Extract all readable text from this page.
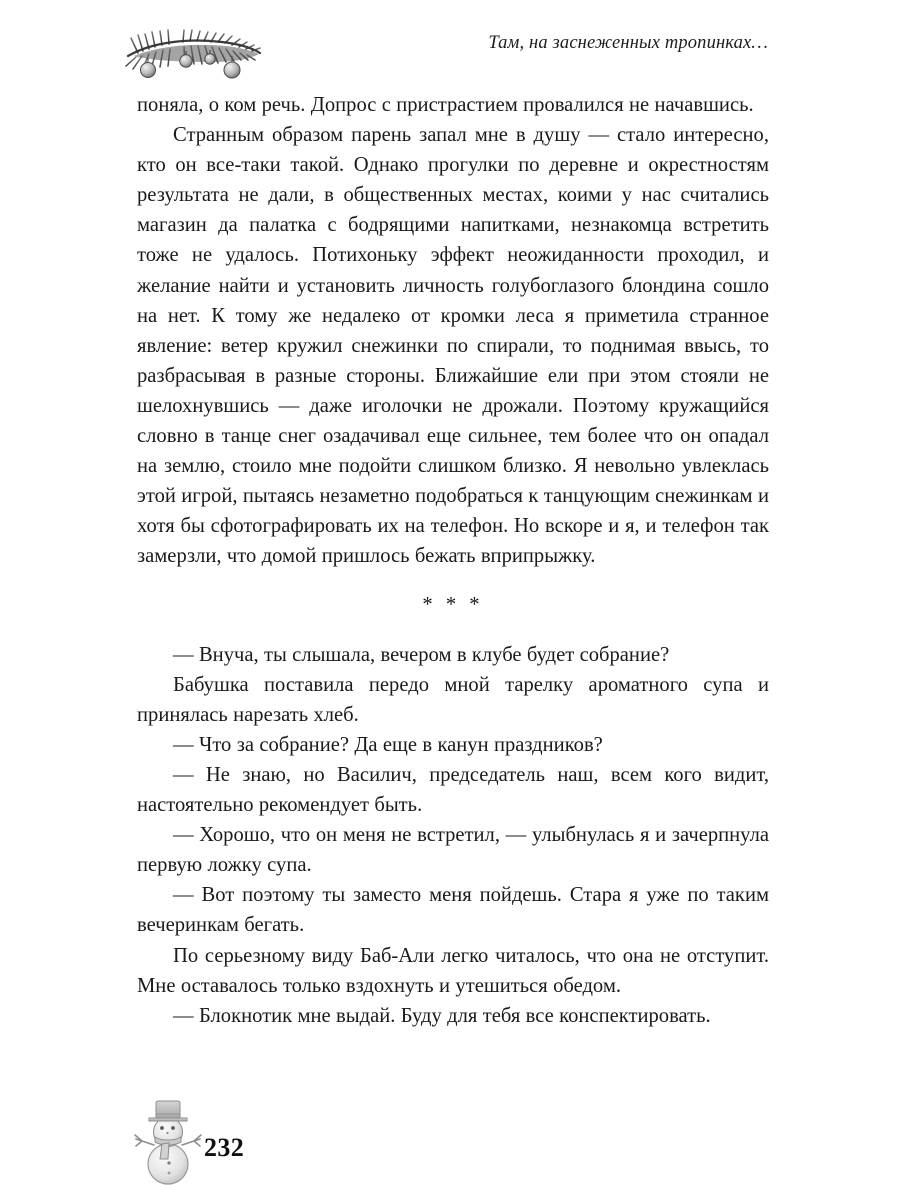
Там, на заснеженных тропинках…

поняла, о ком речь. Допрос с пристрастием провалился не начавшись.

Странным образом парень запал мне в душу — стало интересно, кто он все-таки такой. Однако прогулки по деревне и окрестностям результата не дали, в общественных местах, коими у нас считались магазин да палатка с бодрящими напитками, незнакомца встретить тоже не удалось. Потихоньку эффект неожиданности проходил, и желание найти и установить личность голубоглазого блондина сошло на нет. К тому же недалеко от кромки леса я приметила странное явление: ветер кружил снежинки по спирали, то поднимая ввысь, то разбрасывая в разные стороны. Ближайшие ели при этом стояли не шелохнувшись — даже иголочки не дрожали. Поэтому кружащийся словно в танце снег озадачивал еще сильнее, тем более что он опадал на землю, стоило мне подойти слишком близко. Я невольно увлеклась этой игрой, пытаясь незаметно подобраться к танцующим снежинкам и хотя бы сфотографировать их на телефон. Но вскоре и я, и телефон так замерзли, что домой пришлось бежать вприпрыжку.

* * *

— Внуча, ты слышала, вечером в клубе будет собрание?

Бабушка поставила передо мной тарелку ароматного супа и принялась нарезать хлеб.

— Что за собрание? Да еще в канун праздников?

— Не знаю, но Василич, председатель наш, всем кого видит, настоятельно рекомендует быть.

— Хорошо, что он меня не встретил, — улыбнулась я и зачерпнула первую ложку супа.

— Вот поэтому ты заместо меня пойдешь. Стара я уже по таким вечеринкам бегать.

По серьезному виду Баб-Али легко читалось, что она не отступит. Мне оставалось только вздохнуть и утешиться обедом.

— Блокнотик мне выдай. Буду для тебя все конспектировать.

232
